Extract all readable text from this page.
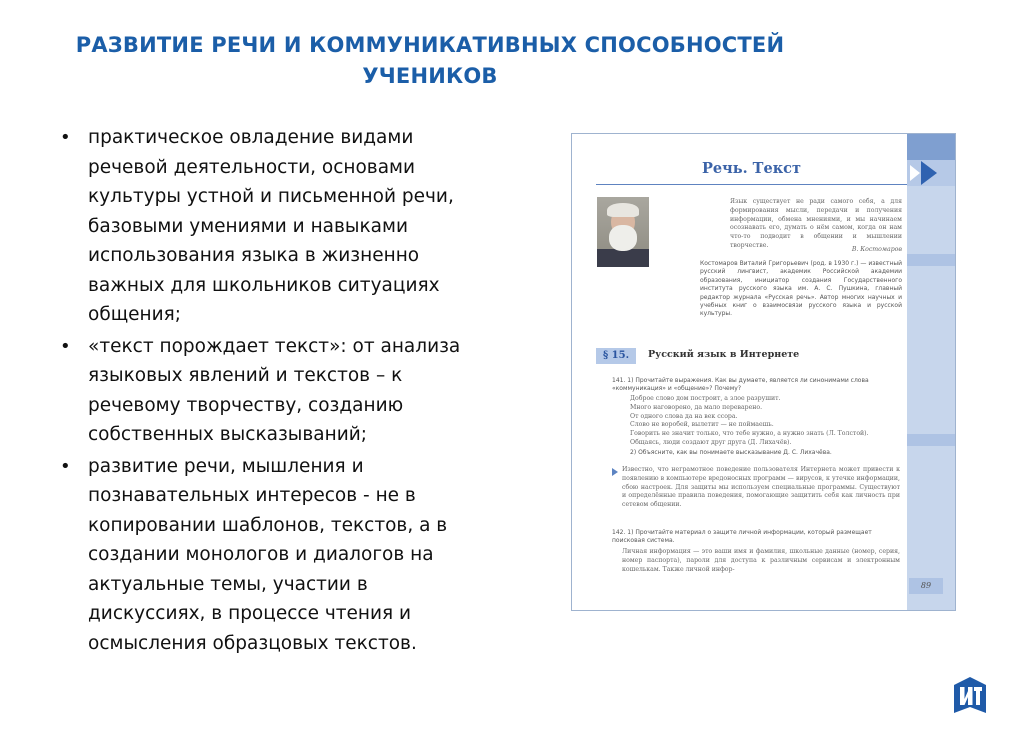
РАЗВИТИЕ РЕЧИ И КОММУНИКАТИВНЫХ СПОСОБНОСТЕЙ
УЧЕНИКОВ
• практическое овладение видами речевой деятельности, основами культуры устной и письменной речи, базовыми умениями и навыками использования языка в жизненно важных для школьников ситуациях общения;
• «текст порождает текст»: от анализа языковых явлений и текстов – к речевому творчеству, созданию собственных высказываний;
• развитие речи, мышления и познавательных интересов - не в копировании шаблонов, текстов, а в создании монологов и диалогов на актуальные темы, участии в дискуссиях, в процессе чтения и осмысления образцовых текстов.
Речь. Текст
Язык существует не ради самого себя, а для формирования мысли, передачи и получения информации, обмена мнениями, и мы начинаем осознавать его, думать о нём самом, когда он нам что-то подводит в общении и мышлении творчестве.
В. Костомаров
Костомаров Виталий Григорьевич (род. в 1930 г.) — известный русский лингвист, академик Российской академии образования, инициатор создания Государственного института русского языка им. А. С. Пушкина, главный редактор журнала «Русская речь». Автор многих научных и учебных книг о взаимосвязи русского языка и русской культуры.
§ 15.	Русский язык в Интернете
141. 1) Прочитайте выражения. Как вы думаете, является ли синонимами слова «коммуникация» и «общение»? Почему?
Доброе слово дом построит, а злое разрушит.
Много наговорено, да мало переварено.
От одного слова да на век ссора.
Слово не воробей, вылетит — не поймаешь.
Говорить не значит только, что тебе нужно, а нужно знать (Л. Толстой).
Общаясь, люди создают друг друга (Д. Лихачёв).
2) Объясните, как вы понимаете высказывание Д. С. Лихачёва.
Известно, что неграмотное поведение пользователя Интернета может привести к появлению в компьютере вредоносных программ — вирусов, к утечке информации, сбою настроек. Для защиты мы используем специальные программы. Существуют и определённые правила поведения, помогающие защитить себя как личность при сетевом общении.
142. 1) Прочитайте материал о защите личной информации, который размещает поисковая система.
Личная информация — это ваши имя и фамилия, школьные данные (номер, серия, номер паспорта), пароли для доступа к различным сервисам и электронным кошелькам. Также личной инфор-
89
